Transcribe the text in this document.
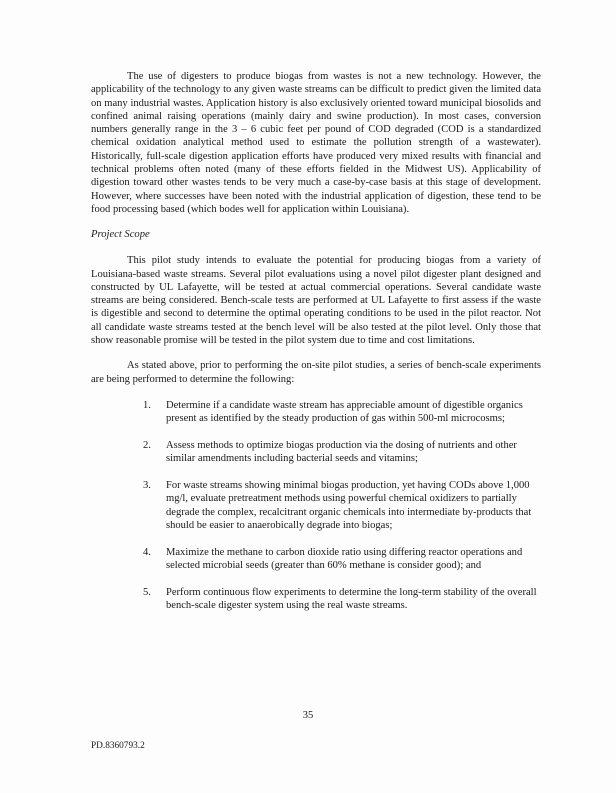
The use of digesters to produce biogas from wastes is not a new technology. However, the applicability of the technology to any given waste streams can be difficult to predict given the limited data on many industrial wastes. Application history is also exclusively oriented toward municipal biosolids and confined animal raising operations (mainly dairy and swine production). In most cases, conversion numbers generally range in the 3 – 6 cubic feet per pound of COD degraded (COD is a standardized chemical oxidation analytical method used to estimate the pollution strength of a wastewater). Historically, full-scale digestion application efforts have produced very mixed results with financial and technical problems often noted (many of these efforts fielded in the Midwest US). Applicability of digestion toward other wastes tends to be very much a case-by-case basis at this stage of development. However, where successes have been noted with the industrial application of digestion, these tend to be food processing based (which bodes well for application within Louisiana).

Project Scope

This pilot study intends to evaluate the potential for producing biogas from a variety of Louisiana-based waste streams. Several pilot evaluations using a novel pilot digester plant designed and constructed by UL Lafayette, will be tested at actual commercial operations. Several candidate waste streams are being considered. Bench-scale tests are performed at UL Lafayette to first assess if the waste is digestible and second to determine the optimal operating conditions to be used in the pilot reactor. Not all candidate waste streams tested at the bench level will be also tested at the pilot level. Only those that show reasonable promise will be tested in the pilot system due to time and cost limitations.

As stated above, prior to performing the on-site pilot studies, a series of bench-scale experiments are being performed to determine the following:

1. Determine if a candidate waste stream has appreciable amount of digestible organics present as identified by the steady production of gas within 500-ml microcosms;
2. Assess methods to optimize biogas production via the dosing of nutrients and other similar amendments including bacterial seeds and vitamins;
3. For waste streams showing minimal biogas production, yet having CODs above 1,000 mg/l, evaluate pretreatment methods using powerful chemical oxidizers to partially degrade the complex, recalcitrant organic chemicals into intermediate by-products that should be easier to anaerobically degrade into biogas;
4. Maximize the methane to carbon dioxide ratio using differing reactor operations and selected microbial seeds (greater than 60% methane is consider good); and
5. Perform continuous flow experiments to determine the long-term stability of the overall bench-scale digester system using the real waste streams.
35
PD.8360793.2
